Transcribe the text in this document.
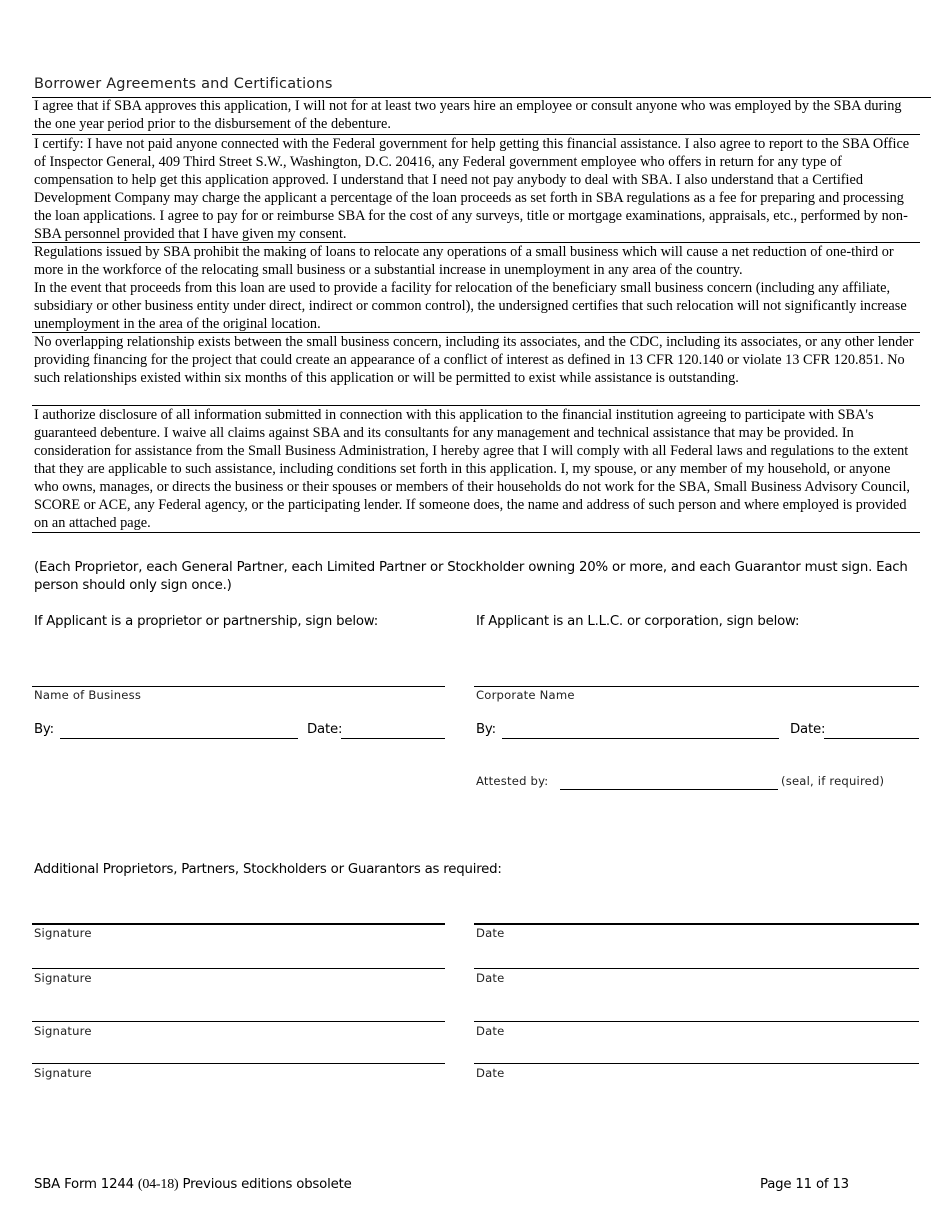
Borrower Agreements and Certifications

I agree that if SBA approves this application, I will not for at least two years hire an employee or consult anyone who was employed by the SBA during the one year period prior to the disbursement of the debenture.

I certify: I have not paid anyone connected with the Federal government for help getting this financial assistance. I also agree to report to the SBA Office of Inspector General, 409 Third Street S.W., Washington, D.C. 20416, any Federal government employee who offers in return for any type of compensation to help get this application approved. I understand that I need not pay anybody to deal with SBA. I also understand that a Certified Development Company may charge the applicant a percentage of the loan proceeds as set forth in SBA regulations as a fee for preparing and processing the loan applications. I agree to pay for or reimburse SBA for the cost of any surveys, title or mortgage examinations, appraisals, etc., performed by non-SBA personnel provided that I have given my consent.

Regulations issued by SBA prohibit the making of loans to relocate any operations of a small business which will cause a net reduction of one-third or more in the workforce of the relocating small business or a substantial increase in unemployment in any area of the country.
In the event that proceeds from this loan are used to provide a facility for relocation of the beneficiary small business concern (including any affiliate, subsidiary or other business entity under direct, indirect or common control), the undersigned certifies that such relocation will not significantly increase unemployment in the area of the original location.

No overlapping relationship exists between the small business concern, including its associates, and the CDC, including its associates, or any other lender providing financing for the project that could create an appearance of a conflict of interest as defined in 13 CFR 120.140 or violate 13 CFR 120.851. No such relationships existed within six months of this application or will be permitted to exist while assistance is outstanding.

I authorize disclosure of all information submitted in connection with this application to the financial institution agreeing to participate with SBA's guaranteed debenture. I waive all claims against SBA and its consultants for any management and technical assistance that may be provided. In consideration for assistance from the Small Business Administration, I hereby agree that I will comply with all Federal laws and regulations to the extent that they are applicable to such assistance, including conditions set forth in this application. I, my spouse, or any member of my household, or anyone who owns, manages, or directs the business or their spouses or members of their households do not work for the SBA, Small Business Advisory Council, SCORE or ACE, any Federal agency, or the participating lender. If someone does, the name and address of such person and where employed is provided on an attached page.

(Each Proprietor, each General Partner, each Limited Partner or Stockholder owning 20% or more, and each Guarantor must sign. Each person should only sign once.)

If Applicant is a proprietor or partnership, sign below:
Name of Business
By:	Date:
If Applicant is an L.L.C. or corporation, sign below:
Corporate Name
By:	Date:
Attested by:	(seal, if required)
Additional Proprietors, Partners, Stockholders or Guarantors as required:
Signature	Date
Signature	Date
Signature	Date
Signature	Date
SBA Form 1244 (04-18) Previous editions obsolete	Page 11 of 13
